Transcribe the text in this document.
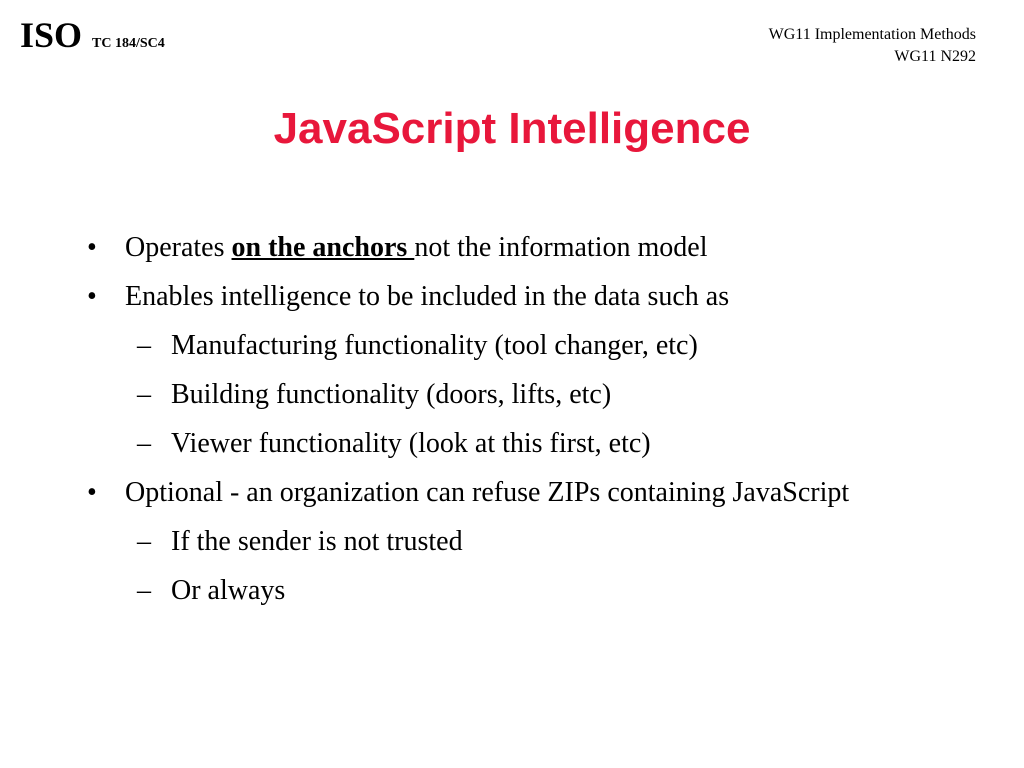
ISO TC 184/SC4
WG11 Implementation Methods
WG11 N292
JavaScript Intelligence
• Operates on the anchors not the information model
• Enables intelligence to be included in the data such as
– Manufacturing functionality (tool changer, etc)
– Building functionality (doors, lifts, etc)
– Viewer functionality (look at this first, etc)
• Optional - an organization can refuse ZIPs containing JavaScript
– If the sender is not trusted
– Or always
